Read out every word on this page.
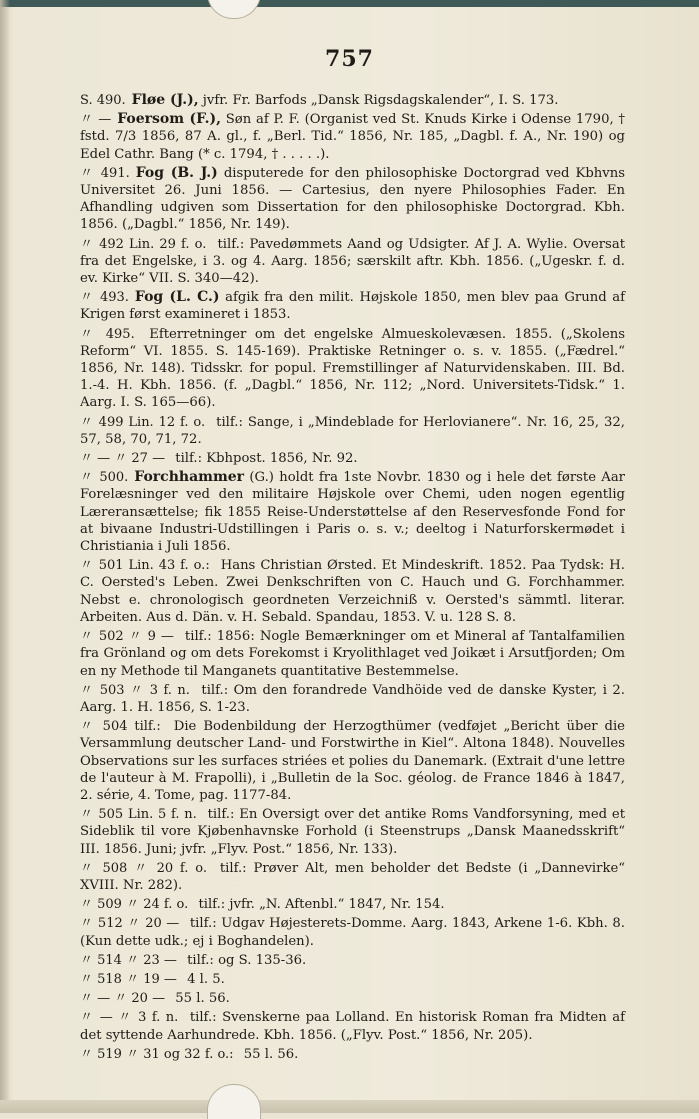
757
S. 490. Fløe (J.), jvfr. Fr. Barfods „Dansk Rigsdagskalender“, I. S. 173.
〃 — Foersom (F.), Søn af P. F. (Organist ved St. Knuds Kirke i Odense 1790, † fstd. 7/3 1856, 87 A. gl., f. „Berl. Tid.“ 1856, Nr. 185, „Dagbl. f. A., Nr. 190) og Edel Cathr. Bang (* c. 1794, † . . . . .).
〃 491. Fog (B. J.) disputerede for den philosophiske Doctorgrad ved Kbhvns Universitet 26. Juni 1856. — Cartesius, den nyere Philosophies Fader. En Afhandling udgiven som Dissertation for den philosophiske Doctorgrad. Kbh. 1856. („Dagbl.“ 1856, Nr. 149).
〃 492 Lin. 29 f. o. tilf.: Pavedømmets Aand og Udsigter. Af J. A. Wylie. Oversat fra det Engelske, i 3. og 4. Aarg. 1856; særskilt aftr. Kbh. 1856. („Ugeskr. f. d. ev. Kirke“ VII. S. 340—42).
〃 493. Fog (L. C.) afgik fra den milit. Højskole 1850, men blev paa Grund af Krigen først examineret i 1853.
〃 495. Efterretninger om det engelske Almueskolevæsen. 1855. („Skolens Reform“ VI. 1855. S. 145-169). Praktiske Retninger o. s. v. 1855. („Fædrel.“ 1856, Nr. 148). Tidsskr. for popul. Fremstillinger af Naturvidenskaben. III. Bd. 1.-4. H. Kbh. 1856. (f. „Dagbl.“ 1856, Nr. 112; „Nord. Universitets-Tidsk.“ 1. Aarg. I. S. 165—66).
〃 499 Lin. 12 f. o. tilf.: Sange, i „Mindeblade for Herlovianere“. Nr. 16, 25, 32, 57, 58, 70, 71, 72.
〃 — 〃 27 — tilf.: Kbhpost. 1856, Nr. 92.
〃 500. Forchhammer (G.) holdt fra 1ste Novbr. 1830 og i hele det første Aar Forelæsninger ved den militaire Højskole over Chemi, uden nogen egentlig Læreransættelse; fik 1855 Reise-Understøttelse af den Reservesfonde Fond for at bivaane Industri-Udstillingen i Paris o. s. v.; deeltog i Naturforskermødet i Christiania i Juli 1856.
〃 501 Lin. 43 f. o.: Hans Christian Ørsted. Et Mindeskrift. 1852. Paa Tydsk: H. C. Oersted's Leben. Zwei Denkschriften von C. Hauch und G. Forchhammer. Nebst e. chronologisch geordneten Verzeichniß v. Oersted's sämmtl. literar. Arbeiten. Aus d. Dän. v. H. Sebald. Spandau, 1853. V. u. 128 S. 8.
〃 502 〃 9 — tilf.: 1856: Nogle Bemærkninger om et Mineral af Tantalfamilien fra Grönland og om dets Forekomst i Kryolithlaget ved Joikæt i Arsutfjorden; Om en ny Methode til Manganets quantitative Bestemmelse.
〃 503 〃 3 f. n. tilf.: Om den forandrede Vandhöide ved de danske Kyster, i 2. Aarg. 1. H. 1856, S. 1-23.
〃 504 tilf.: Die Bodenbildung der Herzogthümer (vedføjet „Bericht über die Versammlung deutscher Land- und Forstwirthe in Kiel“. Altona 1848). Nouvelles Observations sur les surfaces striées et polies du Danemark. (Extrait d'une lettre de l'auteur à M. Frapolli), i „Bulletin de la Soc. géolog. de France 1846 à 1847, 2. série, 4. Tome, pag. 1177-84.
〃 505 Lin. 5 f. n. tilf.: En Oversigt over det antike Roms Vandforsyning, med et Sideblik til vore Kjøbenhavnske Forhold (i Steenstrups „Dansk Maanedsskrift“ III. 1856. Juni; jvfr. „Flyv. Post.“ 1856, Nr. 133).
〃 508 〃 20 f. o. tilf.: Prøver Alt, men beholder det Bedste (i „Dannevirke“ XVIII. Nr. 282).
〃 509 〃 24 f. o. tilf.: jvfr. „N. Aftenbl.“ 1847, Nr. 154.
〃 512 〃 20 — tilf.: Udgav Højesterets-Domme. Aarg. 1843, Arkene 1-6. Kbh. 8. (Kun dette udk.; ej i Boghandelen).
〃 514 〃 23 — tilf.: og S. 135-36.
〃 518 〃 19 — 4 l. 5.
〃 — 〃 20 — 55 l. 56.
〃 — 〃 3 f. n. tilf.: Svenskerne paa Lolland. En historisk Roman fra Midten af det syttende Aarhundrede. Kbh. 1856. („Flyv. Post.“ 1856, Nr. 205).
〃 519 〃 31 og 32 f. o.: 55 l. 56.
